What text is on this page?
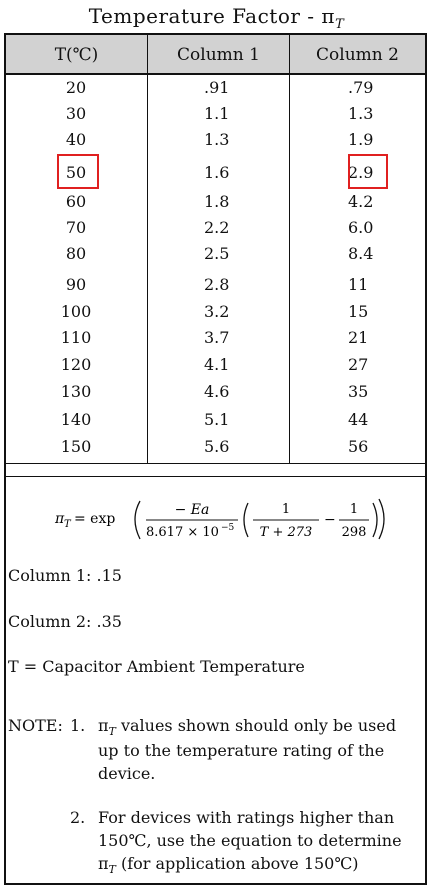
Temperature Factor - $\pi_T$
T(℃)	Column 1	Column 2
20	.91	.79
30	1.1	1.3
40	1.3	1.9
50	1.6	2.9
60	1.8	4.2
70	2.2	6.0
80	2.5	8.4
90	2.8	11
100	3.2	15
110	3.7	21
120	4.1	27
130	4.6	35
140	5.1	44
150	5.6	56
π T = exp
− Ea
8.617 × 10 −5
1
T + 273
−
1
298
Column 1: .15
Column 2: .35
T = Capacitor Ambient Temperature
NOTE: 1. $\pi_T$ values shown should only be used
up to the temperature rating of the
device.
2. For devices with ratings higher than
150℃, use the equation to determine
$\pi_T$ (for application above 150℃)
